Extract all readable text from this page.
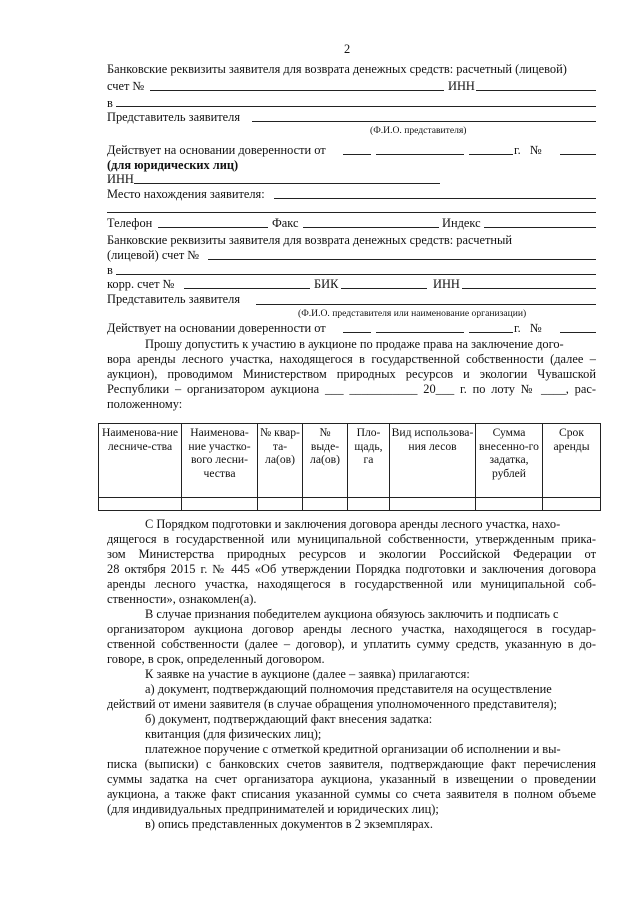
2
Банковские реквизиты заявителя для возврата денежных средств: расчетный (лицевой)
счет №	ИНН
в
Представитель заявителя
(Ф.И.О. представителя)
Действует на основании доверенности от	г. №
(для юридических лиц)
ИНН
Место нахождения заявителя:
Телефон	Факс	Индекс
Банковские реквизиты заявителя для возврата денежных средств: расчетный
(лицевой) счет №
в
корр. счет №	БИК	ИНН
Представитель заявителя
(Ф.И.О. представителя или наименование организации)
Действует на основании доверенности от	г. №
Прошу допустить к участию в аукционе по продаже права на заключение дого-
вора аренды лесного участка, находящегося в государственной собственности (далее –
аукцион), проводимом Министерством природных ресурсов и экологии Чувашской
Республики – организатором аукциона ___ ___________ 20___ г. по лоту № ____, рас-
положенному:
Наименова-ние лесниче-ства	Наименова-ние участко-вого лесни-чества	№ квар-та-ла(ов)	№ выде-ла(ов)	Пло-щадь, га	Вид использова-ния лесов	Сумма внесенно-го задатка, рублей	Срок аренды

С Порядком подготовки и заключения договора аренды лесного участка, нахо-
дящегося в государственной или муниципальной собственности, утвержденным прика-
зом Министерства природных ресурсов и экологии Российской Федерации от
28 октября 2015 г. № 445 «Об утверждении Порядка подготовки и заключения договора
аренды лесного участка, находящегося в государственной или муниципальной соб-
ственности», ознакомлен(а).
В случае признания победителем аукциона обязуюсь заключить и подписать с
организатором аукциона договор аренды лесного участка, находящегося в государ-
ственной собственности (далее – договор), и уплатить сумму средств, указанную в до-
говоре, в срок, определенный договором.
К заявке на участие в аукционе (далее – заявка) прилагаются:
а) документ, подтверждающий полномочия представителя на осуществление
действий от имени заявителя (в случае обращения уполномоченного представителя);
б) документ, подтверждающий факт внесения задатка:
квитанция (для физических лиц);
платежное поручение с отметкой кредитной организации об исполнении и вы-
писка (выписки) с банковских счетов заявителя, подтверждающие факт перечисления
суммы задатка на счет организатора аукциона, указанный в извещении о проведении
аукциона, а также факт списания указанной суммы со счета заявителя в полном объеме
(для индивидуальных предпринимателей и юридических лиц);
в) опись представленных документов в 2 экземплярах.
